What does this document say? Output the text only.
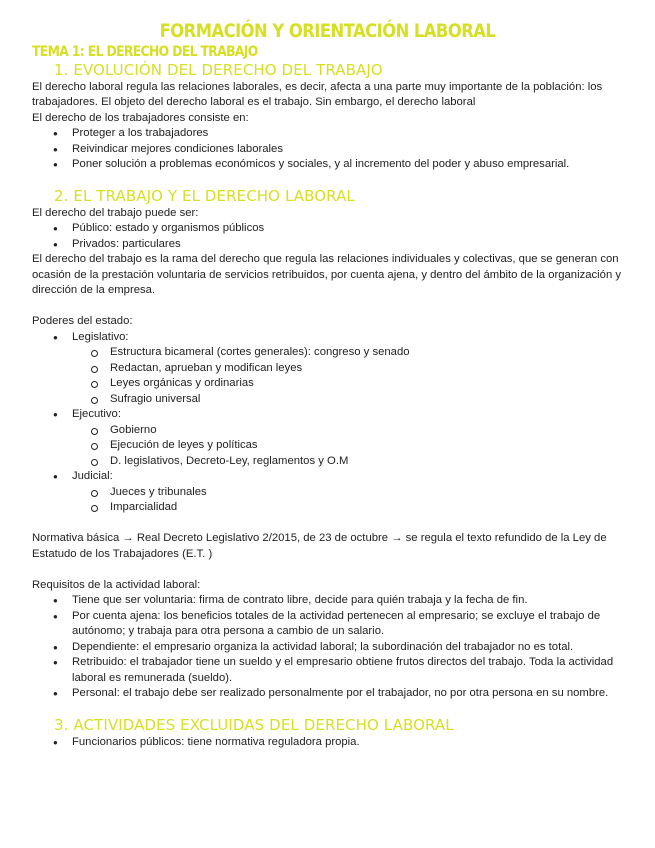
FORMACIÓN Y ORIENTACIÓN LABORAL
TEMA 1: EL DERECHO DEL TRABAJO
1. EVOLUCIÓN DEL DERECHO DEL TRABAJO

El derecho laboral regula las relaciones laborales, es decir, afecta a una parte muy importante de la población: los trabajadores. El objeto del derecho laboral es el trabajo. Sin embargo, el derecho laboral

El derecho de los trabajadores consiste en:

● Proteger a los trabajadores
● Reivindicar mejores condiciones laborales
● Poner solución a problemas económicos y sociales, y al incremento del poder y abuso empresarial.
2. EL TRABAJO Y EL DERECHO LABORAL

El derecho del trabajo puede ser:

● Público: estado y organismos públicos
● Privados: particulares

El derecho del trabajo es la rama del derecho que regula las relaciones individuales y colectivas, que se generan con ocasión de la prestación voluntaria de servicios retribuidos, por cuenta ajena, y dentro del ámbito de la organización y dirección de la empresa.

Poderes del estado:

● Legislativo:
Estructura bicameral (cortes generales): congreso y senado
Redactan, aprueban y modifican leyes
Leyes orgánicas y ordinarias
Sufragio universal
● Ejecutivo:
Gobierno
Ejecución de leyes y políticas
D. legislativos, Decreto-Ley, reglamentos y O.M
● Judicial:
Jueces y tribunales
Imparcialidad

Normativa básica → Real Decreto Legislativo 2/2015, de 23 de octubre → se regula el texto refundido de la Ley de Estatudo de los Trabajadores (E.T. )

Requisitos de la actividad laboral:

● Tiene que ser voluntaria: firma de contrato libre, decide para quién trabaja y la fecha de fin.
● Por cuenta ajena: los beneficios totales de la actividad pertenecen al empresario; se excluye el trabajo de autónomo; y trabaja para otra persona a cambio de un salario.
● Dependiente: el empresario organiza la actividad laboral; la subordinación del trabajador no es total.
● Retribuido: el trabajador tiene un sueldo y el empresario obtiene frutos directos del trabajo. Toda la actividad laboral es remunerada (sueldo).
● Personal: el trabajo debe ser realizado personalmente por el trabajador, no por otra persona en su nombre.
3. ACTIVIDADES EXCLUIDAS DEL DERECHO LABORAL
● Funcionarios públicos: tiene normativa reguladora propia.
